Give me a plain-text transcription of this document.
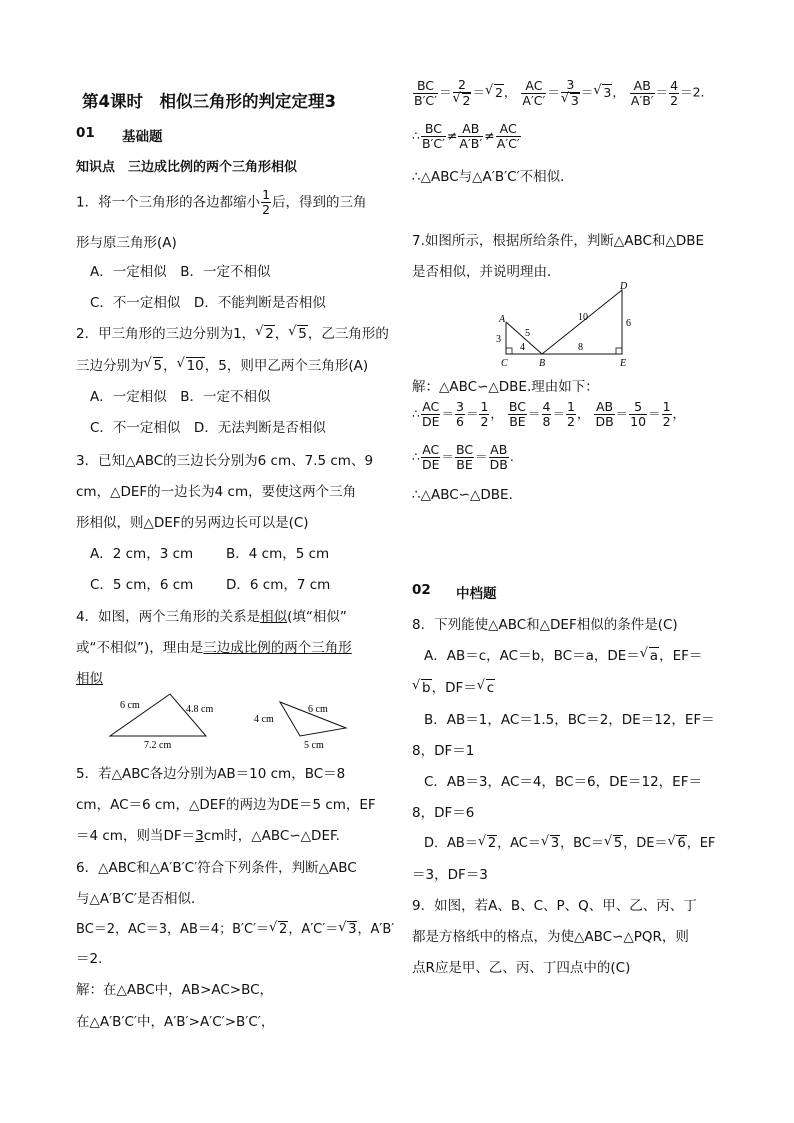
第4课时　相似三角形的判定定理3
01 基础题
知识点　三边成比例的两个三角形相似
1．将一个三角形的各边都缩小 $\frac{1}{2}$ 后，得到的三角
形与原三角形(A)
A．一定相似　B．一定不相似
C．不一定相似　D．不能判断是否相似
2．甲三角形的三边分别为1， √ 2， √ 5，乙三角形的
三边分别为 √ 5， √ 10，5，则甲乙两个三角形(A)
A．一定相似　B．一定不相似
C．不一定相似　D．无法判断是否相似
3．已知△ABC的三边长分别为6 cm、7.5 cm、9
cm，△DEF的一边长为4 cm，要使这两个三角
形相似，则△DEF的另两边长可以是(C)
A．2 cm，3 cm B．4 cm，5 cm
C．5 cm，6 cm D．6 cm，7 cm
4．如图，两个三角形的关系是相似(填“相似”
或“不相似”)，理由是三边成比例的两个三角形
相似
6 cm	4.8 cm
7.2 cm
6 cm
4 cm
5 cm
5．若△ABC各边分别为AB＝10 cm，BC＝8
cm，AC＝6 cm，△DEF的两边为DE＝5 cm，EF
＝4 cm，则当DF＝3cm时，△ABC∽△DEF.
6．△ABC和△A′B′C′符合下列条件，判断△ABC
与△A′B′C′是否相似．
BC＝2，AC＝3，AB＝4；B′C′＝ √ 2，A′C′＝ √ 3，A′B′
＝2.
解：在△ABC中，AB>AC>BC，
在△A′B′C′中，A′B′>A′C′>B′C′，
$\frac{BC}{B'C'} = 2$
√ 2 ＝ √ 2， $\frac{AC}{A'C'} = 3$
√ 3 ＝ √ 3， $\frac{AB}{A'B'} = \frac{4}{2} =2$.
∴ $\frac{BC}{B'C'} \ne \frac{AB}{A'B'} \ne \frac{AC}{A'C'}$
∴△ABC与△A′B′C′不相似．
7.如图所示，根据所给条件，判断△ABC和△DBE
是否相似，并说明理由．
A
B
C
D
E
3
4
5
10
6
8
解：△ABC∽△DBE.理由如下：
∴ $\frac{AC}{DE} = \frac{3}{6} = \frac{1}{2}$ ， $\frac{BC}{BE} = \frac{4}{8} = \frac{1}{2}$ ， $\frac{AB}{DB} = \frac{5}{10} = \frac{1}{2}$ ，
∴ $\frac{AC}{DE} = \frac{BC}{BE} = \frac{AB}{DB}$ .
∴△ABC∽△DBE.
02 中档题
8．下列能使△ABC和△DEF相似的条件是(C)
A．AB＝c，AC＝b，BC＝a，DE＝ √ a，EF＝
√ b，DF＝ √ c
B．AB＝1，AC＝1.5，BC＝2，DE＝12，EF＝
8，DF＝1
C．AB＝3，AC＝4，BC＝6，DE＝12，EF＝
8，DF＝6
D．AB＝ √ 2，AC＝ √ 3，BC＝ √ 5，DE＝ √ 6，EF
＝3，DF＝3
9．如图，若A、B、C、P、Q、甲、乙、丙、丁
都是方格纸中的格点，为使△ABC∽△PQR，则
点R应是甲、乙、丙、丁四点中的(C)
